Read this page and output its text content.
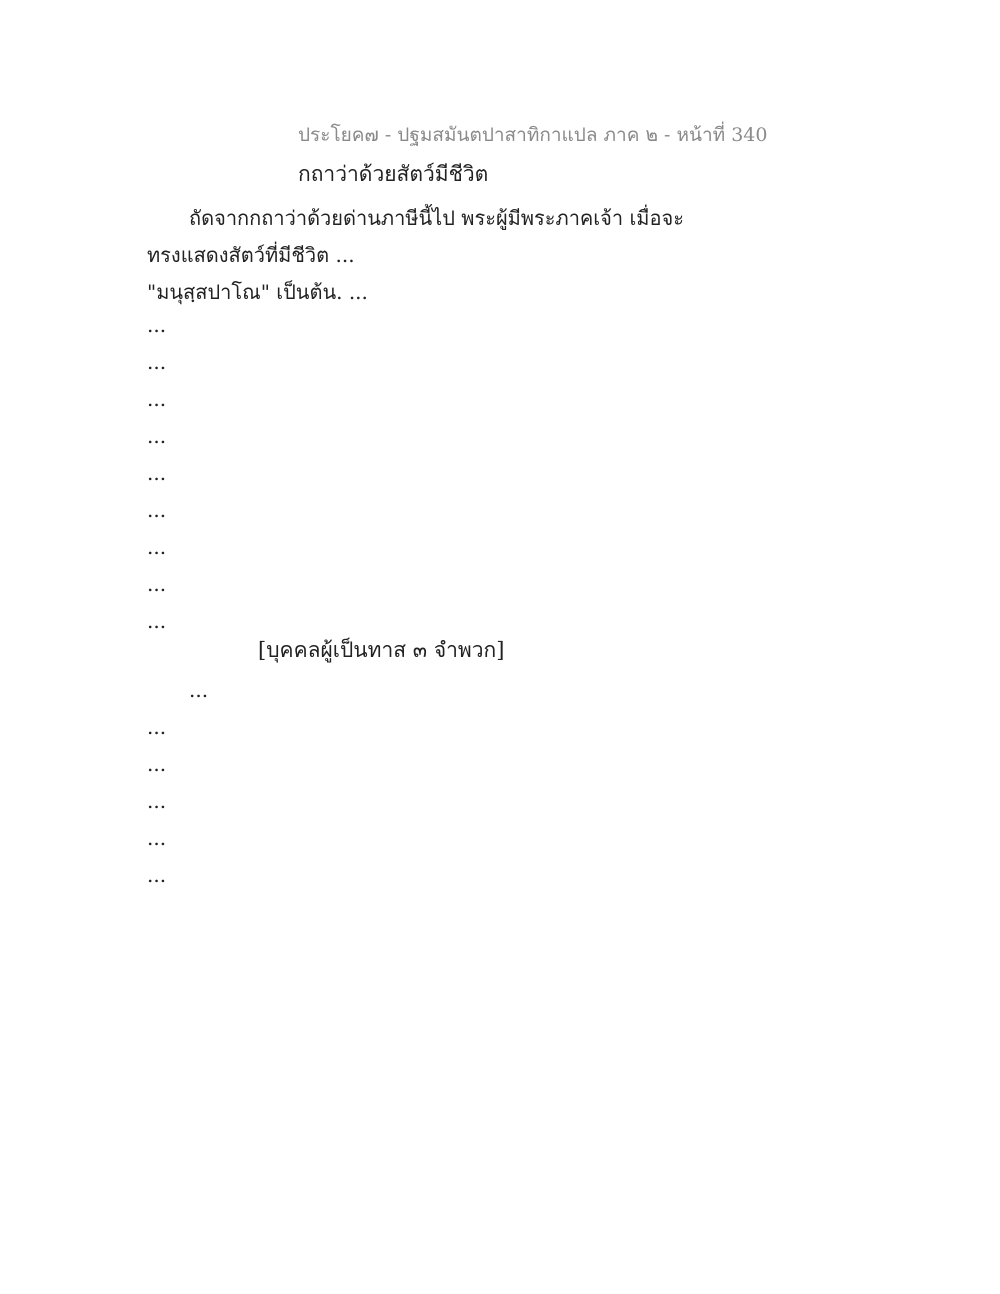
ประโยค๗ - ปฐมสมันตปาสาทิกาแปล ภาค ๒ - หน้าที่ 340
กถาว่าด้วยสัตว์มีชีวิต
ถัดจากกถาว่าด้วยด่านภาษีนี้ไป พระผู้มีพระภาคเจ้า เมื่อจะ
ทรงแสดงสัตว์ที่มีชีวิต ...
"มนุสฺสปาโณ" เป็นต้น. ...
...
...
...
...
...
...
...
...
...
[บุคคลผู้เป็นทาส ๓ จำพวก]
...
...
...
...
...
...
